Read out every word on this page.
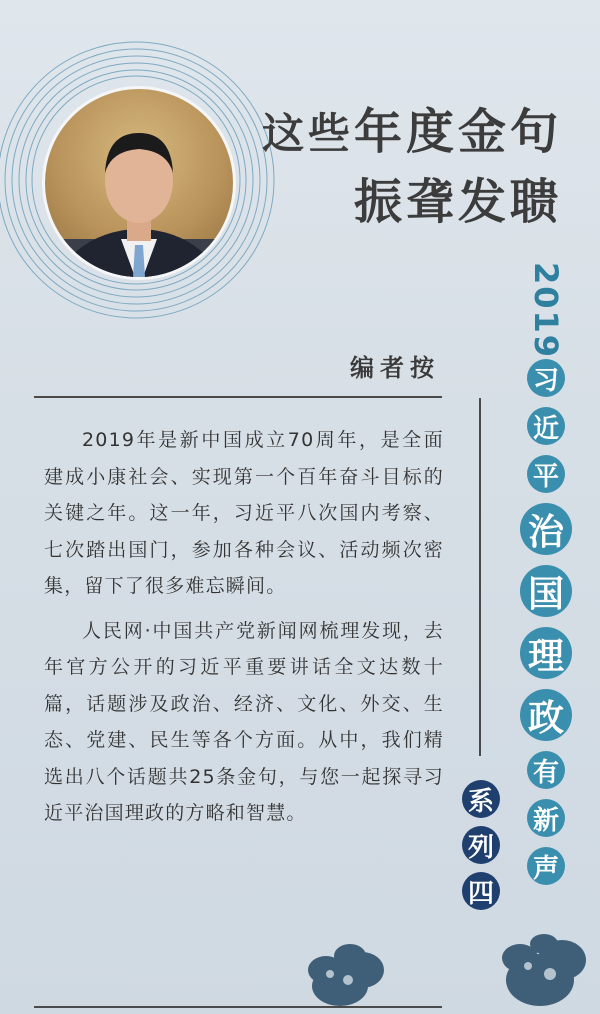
这些年度金句
振聋发聩
2019
习
近
平
治
国
理
政
有
新
声
系
列
四
编者按

2019年是新中国成立70周年，是全面建成小康社会、实现第一个百年奋斗目标的关键之年。这一年，习近平八次国内考察、七次踏出国门，参加各种会议、活动频次密集，留下了很多难忘瞬间。

人民网·中国共产党新闻网梳理发现，去年官方公开的习近平重要讲话全文达数十篇，话题涉及政治、经济、文化、外交、生态、党建、民生等各个方面。从中，我们精选出八个话题共25条金句，与您一起探寻习近平治国理政的方略和智慧。
